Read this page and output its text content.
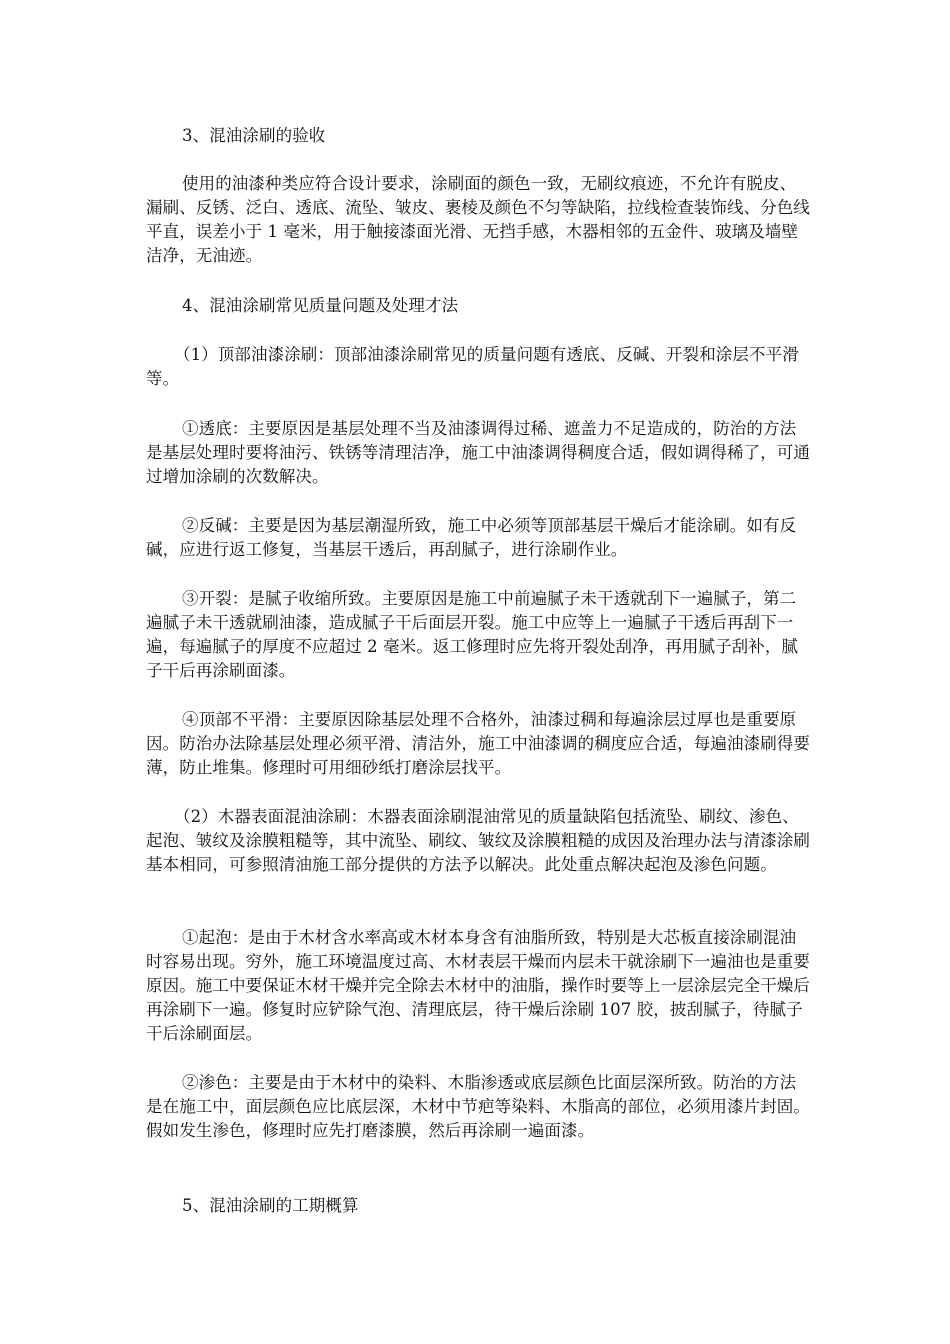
3、混油涂刷的验收

使用的油漆种类应符合设计要求，涂刷面的颜色一致，无刷纹痕迹，不允许有脱皮、漏刷、反锈、泛白、透底、流坠、皱皮、裹棱及颜色不匀等缺陷，拉线检查装饰线、分色线平直，误差小于 1 毫米，用于触接漆面光滑、无挡手感，木器相邻的五金件、玻璃及墙壁洁净，无油迹。

4、混油涂刷常见质量问题及处理才法

（1）顶部油漆涂刷：顶部油漆涂刷常见的质量问题有透底、反碱、开裂和涂层不平滑等。

①透底：主要原因是基层处理不当及油漆调得过稀、遮盖力不足造成的，防治的方法是基层处理时要将油污、铁锈等清理洁净，施工中油漆调得稠度合适，假如调得稀了，可通过增加涂刷的次数解决。

②反碱：主要是因为基层潮湿所致，施工中必须等顶部基层干燥后才能涂刷。如有反碱，应进行返工修复，当基层干透后，再刮腻子，进行涂刷作业。

③开裂：是腻子收缩所致。主要原因是施工中前遍腻子未干透就刮下一遍腻子，第二遍腻子未干透就刷油漆，造成腻子干后面层开裂。施工中应等上一遍腻子干透后再刮下一遍，每遍腻子的厚度不应超过 2 毫米。返工修理时应先将开裂处刮净，再用腻子刮补，腻子干后再涂刷面漆。

④顶部不平滑：主要原因除基层处理不合格外，油漆过稠和每遍涂层过厚也是重要原因。防治办法除基层处理必须平滑、清洁外，施工中油漆调的稠度应合适，每遍油漆刷得要薄，防止堆集。修理时可用细砂纸打磨涂层找平。

（2）木器表面混油涂刷：木器表面涂刷混油常见的质量缺陷包括流坠、刷纹、渗色、起泡、皱纹及涂膜粗糙等，其中流坠、刷纹、皱纹及涂膜粗糙的成因及治理办法与清漆涂刷基本相同，可参照清油施工部分提供的方法予以解决。此处重点解决起泡及渗色问题。

①起泡：是由于木材含水率高或木材本身含有油脂所致，特别是大芯板直接涂刷混油时容易出现。穷外，施工环境温度过高、木材表层干燥而内层未干就涂刷下一遍油也是重要原因。施工中要保证木材干燥并完全除去木材中的油脂，操作时要等上一层涂层完全干燥后再涂刷下一遍。修复时应铲除气泡、清理底层，待干燥后涂刷 107 胶，披刮腻子，待腻子干后涂刷面层。

②渗色：主要是由于木材中的染料、木脂渗透或底层颜色比面层深所致。防治的方法是在施工中，面层颜色应比底层深，木材中节疤等染料、木脂高的部位，必须用漆片封固。假如发生渗色，修理时应先打磨漆膜，然后再涂刷一遍面漆。

5、混油涂刷的工期概算
